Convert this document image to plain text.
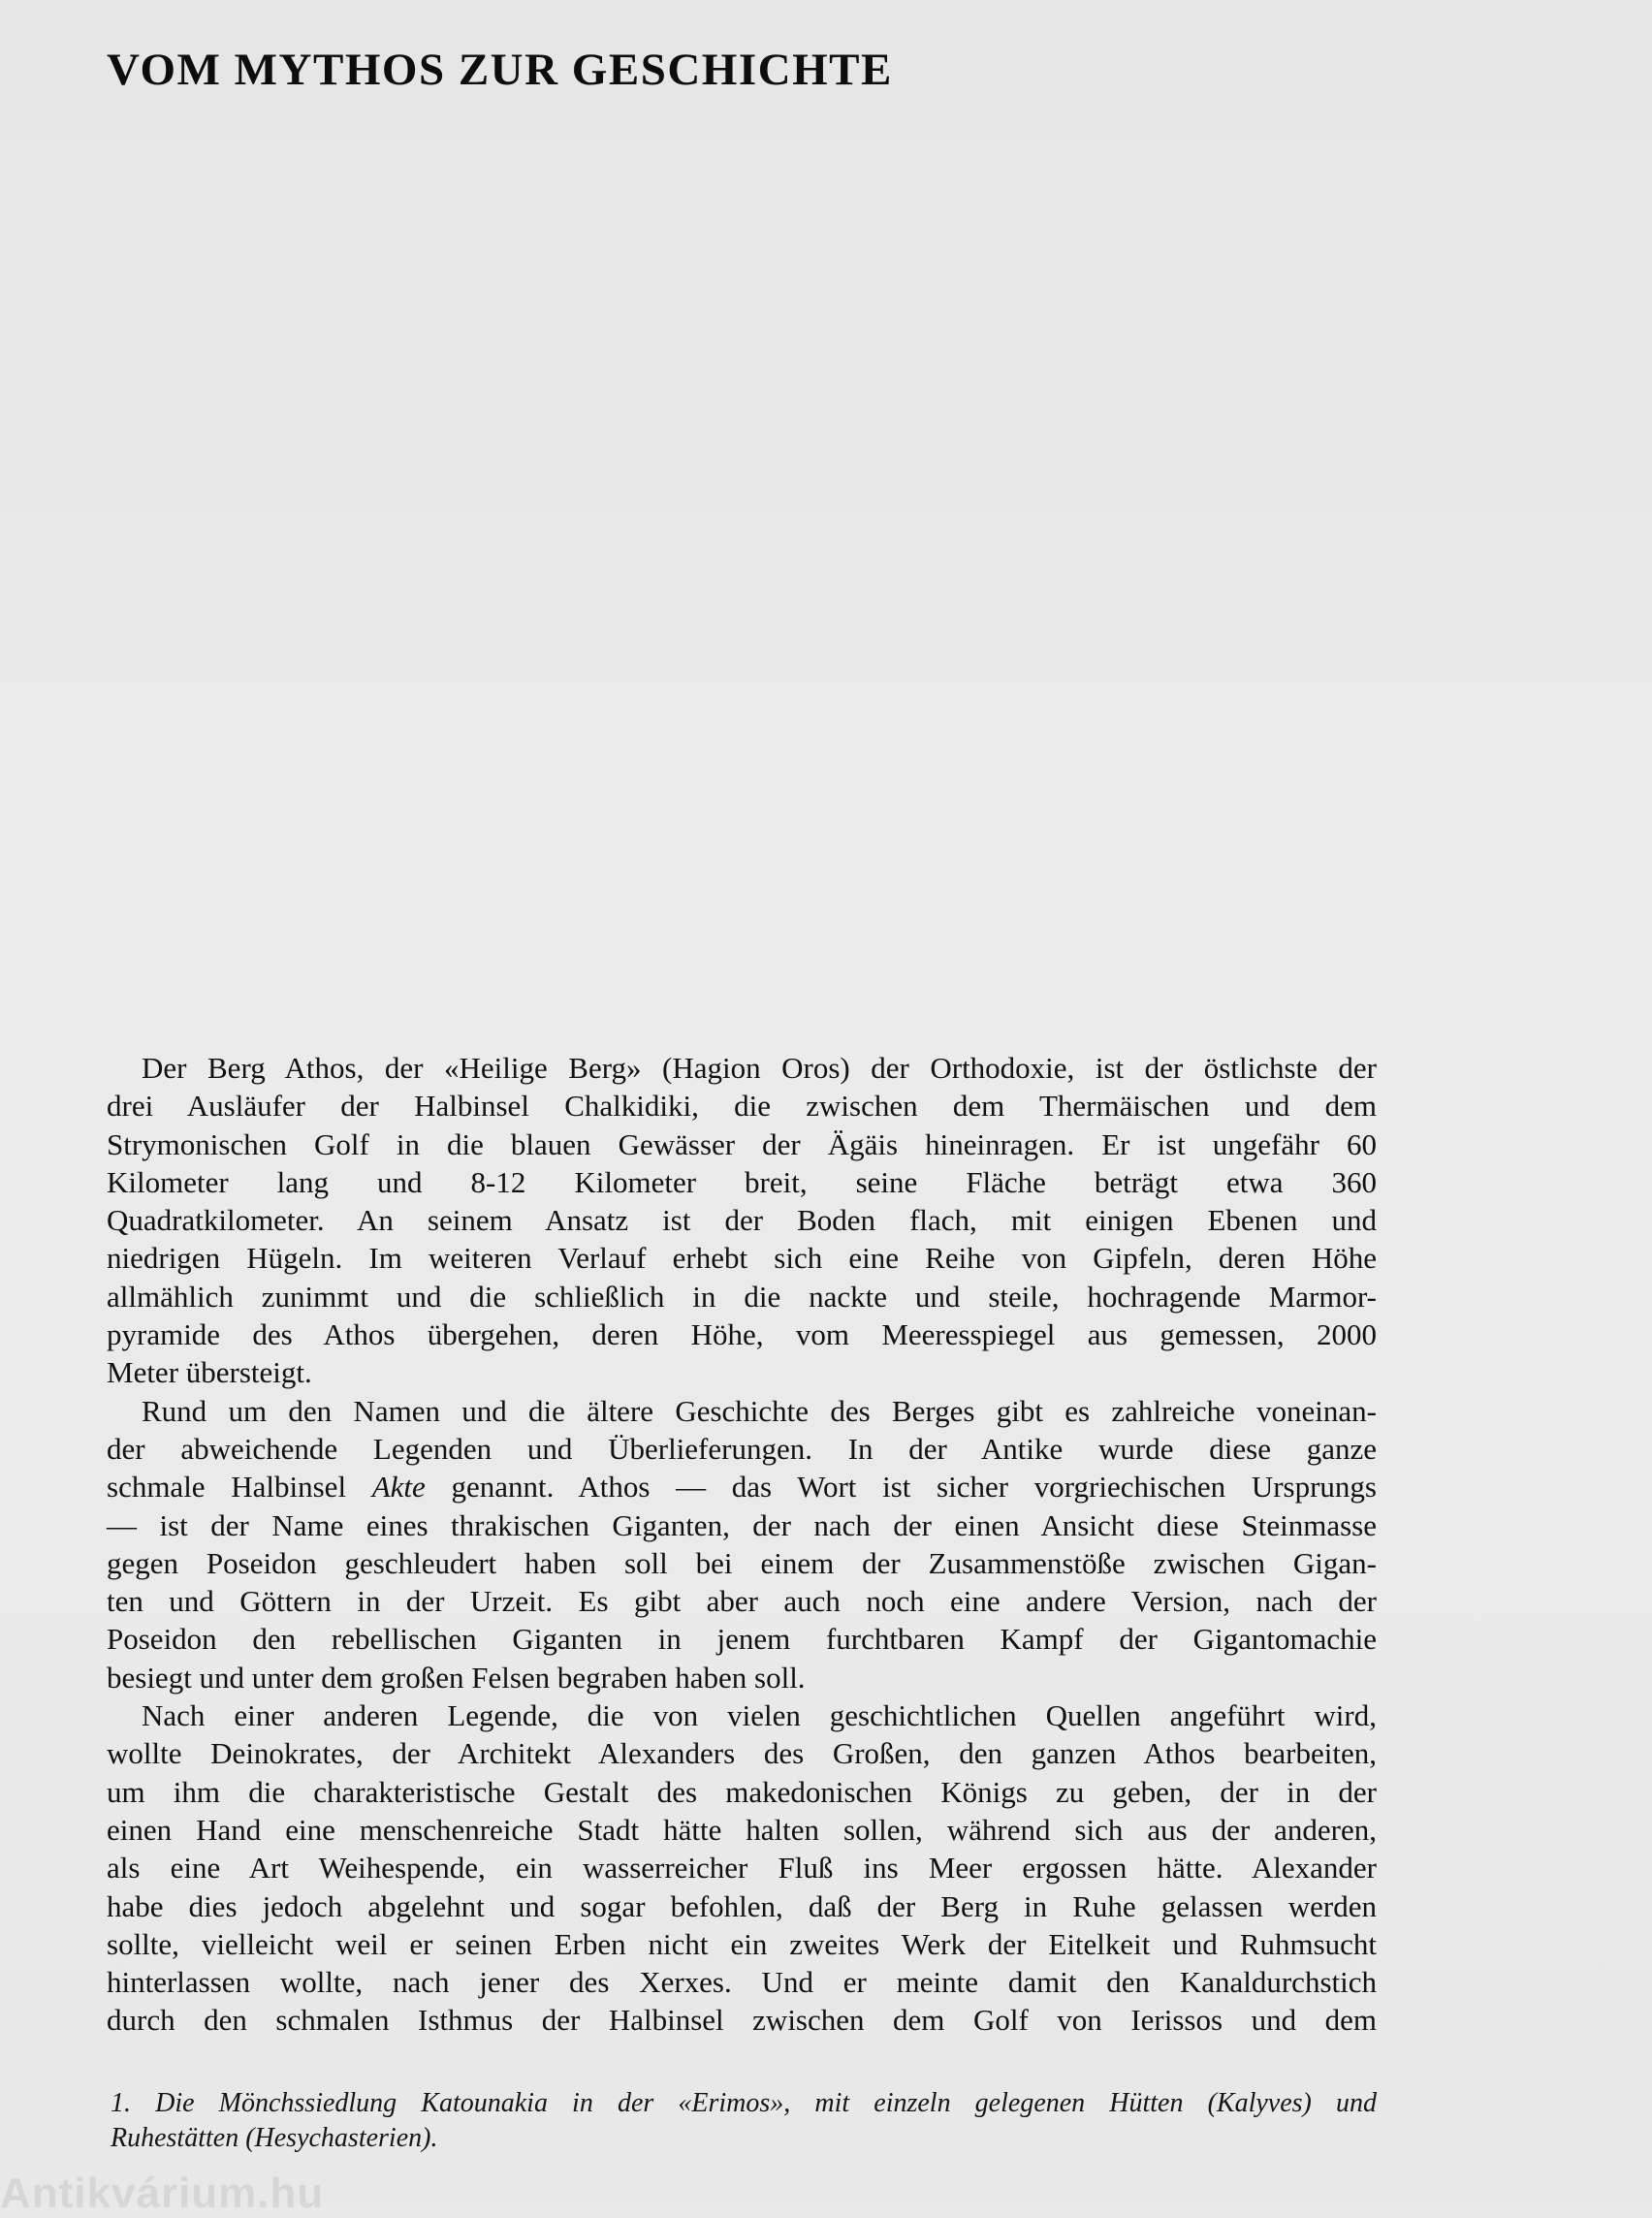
VOM MYTHOS ZUR GESCHICHTE

Der Berg Athos, der «Heilige Berg» (Hagion Oros) der Orthodoxie, ist der östlichste der
drei Ausläufer der Halbinsel Chalkidiki, die zwischen dem Thermäischen und dem
Strymonischen Golf in die blauen Gewässer der Ägäis hineinragen. Er ist ungefähr 60
Kilometer lang und 8-12 Kilometer breit, seine Fläche beträgt etwa 360
Quadratkilometer. An seinem Ansatz ist der Boden flach, mit einigen Ebenen und
niedrigen Hügeln. Im weiteren Verlauf erhebt sich eine Reihe von Gipfeln, deren Höhe
allmählich zunimmt und die schließlich in die nackte und steile, hochragende Marmor-
pyramide des Athos übergehen, deren Höhe, vom Meeresspiegel aus gemessen, 2000
Meter übersteigt.

Rund um den Namen und die ältere Geschichte des Berges gibt es zahlreiche voneinan-
der abweichende Legenden und Überlieferungen. In der Antike wurde diese ganze
schmale Halbinsel Akte genannt. Athos — das Wort ist sicher vorgriechischen Ursprungs
— ist der Name eines thrakischen Giganten, der nach der einen Ansicht diese Steinmasse
gegen Poseidon geschleudert haben soll bei einem der Zusammenstöße zwischen Gigan-
ten und Göttern in der Urzeit. Es gibt aber auch noch eine andere Version, nach der
Poseidon den rebellischen Giganten in jenem furchtbaren Kampf der Gigantomachie
besiegt und unter dem großen Felsen begraben haben soll.

Nach einer anderen Legende, die von vielen geschichtlichen Quellen angeführt wird,
wollte Deinokrates, der Architekt Alexanders des Großen, den ganzen Athos bearbeiten,
um ihm die charakteristische Gestalt des makedonischen Königs zu geben, der in der
einen Hand eine menschenreiche Stadt hätte halten sollen, während sich aus der anderen,
als eine Art Weihespende, ein wasserreicher Fluß ins Meer ergossen hätte. Alexander
habe dies jedoch abgelehnt und sogar befohlen, daß der Berg in Ruhe gelassen werden
sollte, vielleicht weil er seinen Erben nicht ein zweites Werk der Eitelkeit und Ruhmsucht
hinterlassen wollte, nach jener des Xerxes. Und er meinte damit den Kanaldurchstich
durch den schmalen Isthmus der Halbinsel zwischen dem Golf von Ierissos und dem

1. Die Mönchssiedlung Katounakia in der «Erimos», mit einzeln gelegenen Hütten (Kalyves) und
Ruhestätten (Hesychasterien).
Antikvárium.hu
